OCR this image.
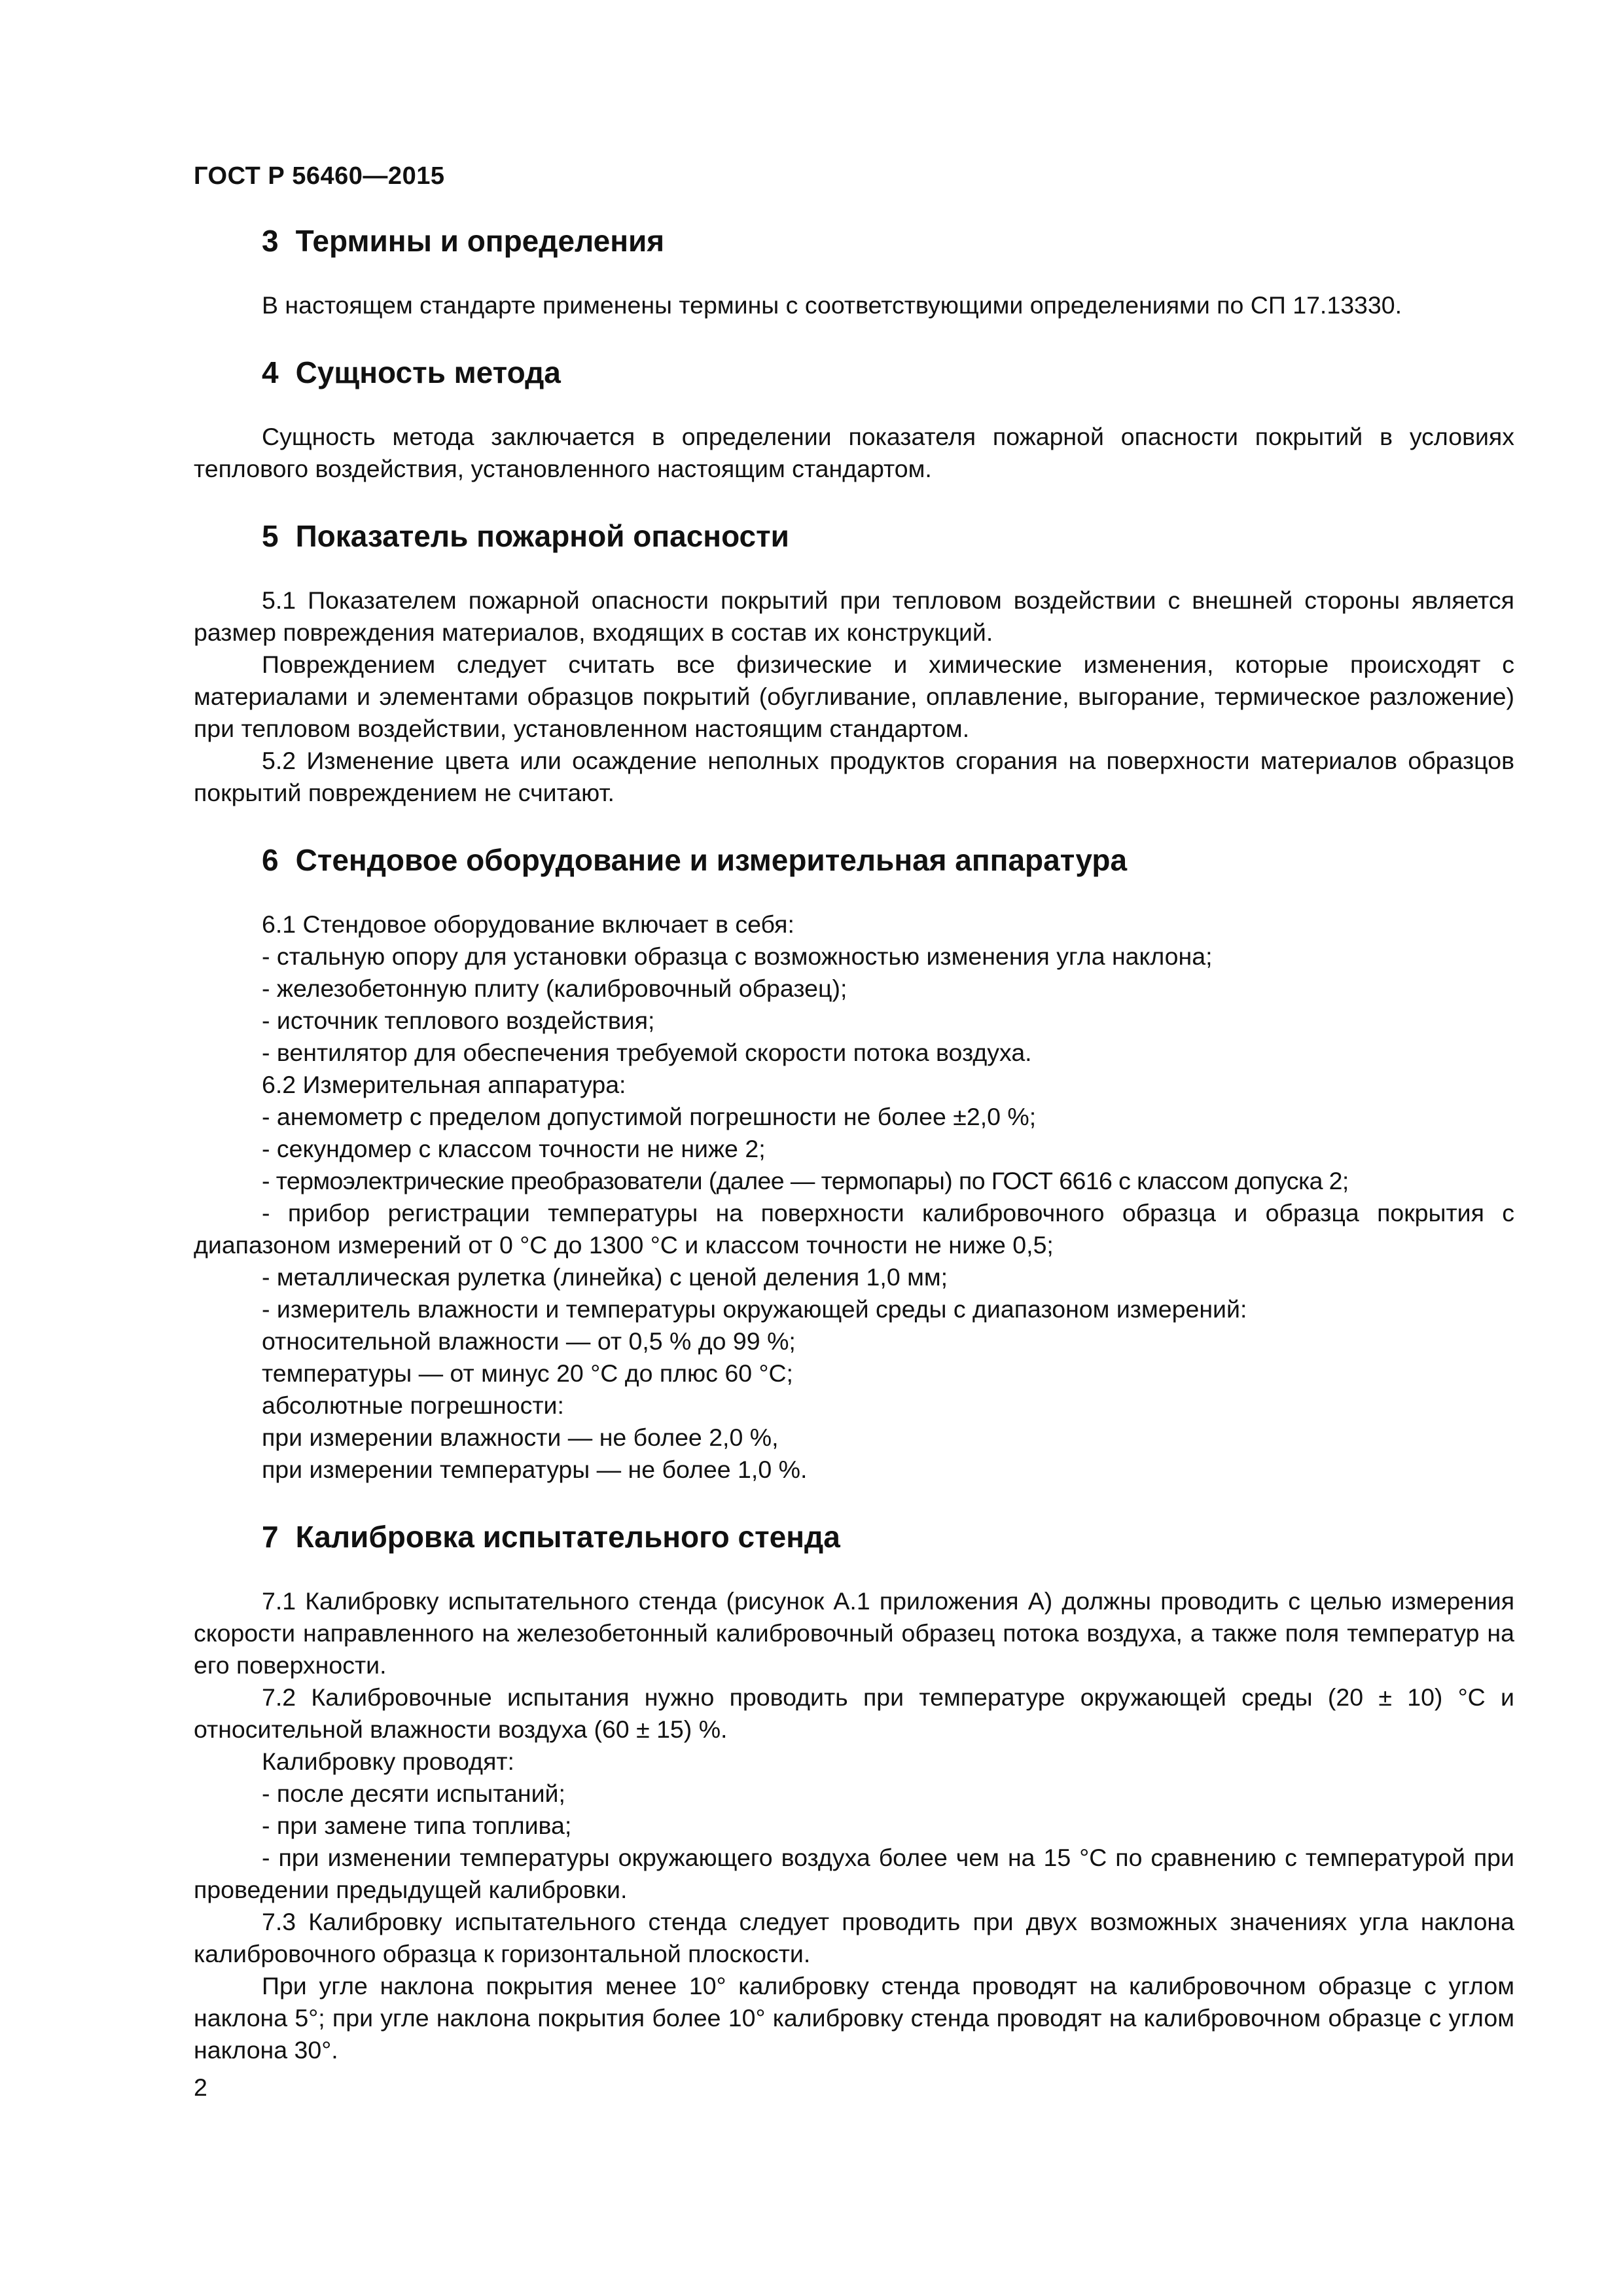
ГОСТ Р 56460—2015
3 Термины и определения

В настоящем стандарте применены термины с соответствующими определениями по СП 17.13330.

4 Сущность метода

Сущность метода заключается в определении показателя пожарной опасности покрытий в условиях теплового воздействия, установленного настоящим стандартом.

5 Показатель пожарной опасности

5.1 Показателем пожарной опасности покрытий при тепловом воздействии с внешней стороны является размер повреждения материалов, входящих в состав их конструкций.

Повреждением следует считать все физические и химические изменения, которые происходят с материалами и элементами образцов покрытий (обугливание, оплавление, выгорание, термическое разложение) при тепловом воздействии, установленном настоящим стандартом.

5.2 Изменение цвета или осаждение неполных продуктов сгорания на поверхности материалов образцов покрытий повреждением не считают.

6 Стендовое оборудование и измерительная аппаратура

6.1 Стендовое оборудование включает в себя:

- стальную опору для установки образца с возможностью изменения угла наклона;

- железобетонную плиту (калибровочный образец);

- источник теплового воздействия;

- вентилятор для обеспечения требуемой скорости потока воздуха.

6.2 Измерительная аппаратура:

- анемометр с пределом допустимой погрешности не более ±2,0 %;

- секундомер с классом точности не ниже 2;

- термоэлектрические преобразователи (далее — термопары) по ГОСТ 6616 с классом допуска 2;

- прибор регистрации температуры на поверхности калибровочного образца и образца покрытия с диапазоном измерений от 0 °С до 1300 °С и классом точности не ниже 0,5;

- металлическая рулетка (линейка) с ценой деления 1,0 мм;

- измеритель влажности и температуры окружающей среды с диапазоном измерений:

относительной влажности — от 0,5 % до 99 %;

температуры — от минус 20 °С до плюс 60 °С;

абсолютные погрешности:

при измерении влажности — не более 2,0 %,

при измерении температуры — не более 1,0 %.

7 Калибровка испытательного стенда

7.1 Калибровку испытательного стенда (рисунок А.1 приложения А) должны проводить с целью измерения скорости направленного на железобетонный калибровочный образец потока воздуха, а также поля температур на его поверхности.

7.2 Калибровочные испытания нужно проводить при температуре окружающей среды (20 ± 10) °С и относительной влажности воздуха (60 ± 15) %.

Калибровку проводят:

- после десяти испытаний;

- при замене типа топлива;

- при изменении температуры окружающего воздуха более чем на 15 °С по сравнению с температурой при проведении предыдущей калибровки.

7.3 Калибровку испытательного стенда следует проводить при двух возможных значениях угла наклона калибровочного образца к горизонтальной плоскости.

При угле наклона покрытия менее 10° калибровку стенда проводят на калибровочном образце с углом наклона 5°; при угле наклона покрытия более 10° калибровку стенда проводят на калибровочном образце с углом наклона 30°.

2
